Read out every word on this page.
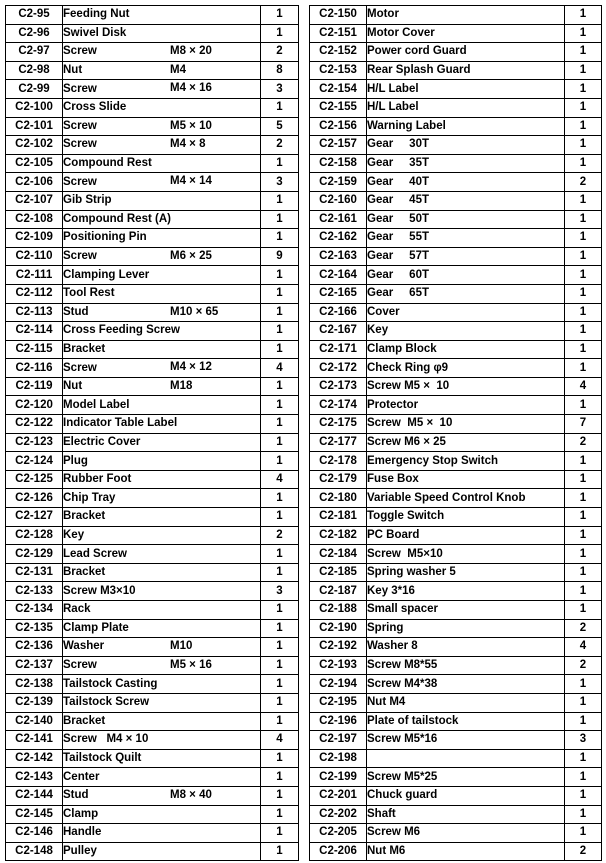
C2-95	Feeding Nut	1
C2-96	Swivel Disk	1
C2-97	Screw M8 × 20	2
C2-98	Nut M4	8
C2-99	Screw M4 × 16	3
C2-100	Cross Slide	1
C2-101	Screw M5 × 10	5
C2-102	Screw M4 × 8	2
C2-105	Compound Rest	1
C2-106	Screw M4 × 14	3
C2-107	Gib Strip	1
C2-108	Compound Rest (A)	1
C2-109	Positioning Pin	1
C2-110	Screw M6 × 25	9
C2-111	Clamping Lever	1
C2-112	Tool Rest	1
C2-113	Stud M10 × 65	1
C2-114	Cross Feeding Screw	1
C2-115	Bracket	1
C2-116	Screw M4 × 12	4
C2-119	Nut M18	1
C2-120	Model Label	1
C2-122	Indicator Table Label	1
C2-123	Electric Cover	1
C2-124	Plug	1
C2-125	Rubber Foot	4
C2-126	Chip Tray	1
C2-127	Bracket	1
C2-128	Key	2
C2-129	Lead Screw	1
C2-131	Bracket	1
C2-133	Screw M3×10	3
C2-134	Rack	1
C2-135	Clamp Plate	1
C2-136	Washer M10	1
C2-137	Screw M5 × 16	1
C2-138	Tailstock Casting	1
C2-139	Tailstock Screw	1
C2-140	Bracket	1
C2-141	Screw   M4 × 10	4
C2-142	Tailstock Quilt	1
C2-143	Center	1
C2-144	Stud M8 × 40	1
C2-145	Clamp	1
C2-146	Handle	1
C2-148	Pulley	1
C2-150	Motor	1
C2-151	Motor Cover	1
C2-152	Power cord Guard	1
C2-153	Rear Splash Guard	1
C2-154	H/L Label	1
C2-155	H/L Label	1
C2-156	Warning Label	1
C2-157	Gear     30T	1
C2-158	Gear     35T	1
C2-159	Gear     40T	2
C2-160	Gear     45T	1
C2-161	Gear     50T	1
C2-162	Gear     55T	1
C2-163	Gear     57T	1
C2-164	Gear     60T	1
C2-165	Gear     65T	1
C2-166	Cover	1
C2-167	Key	1
C2-171	Clamp Block	1
C2-172	Check Ring φ9	1
C2-173	Screw M5 ×  10	4
C2-174	Protector	1
C2-175	Screw  M5 ×  10	7
C2-177	Screw M6 × 25	2
C2-178	Emergency Stop Switch	1
C2-179	Fuse Box	1
C2-180	Variable Speed Control Knob	1
C2-181	Toggle Switch	1
C2-182	PC Board	1
C2-184	Screw  M5×10	1
C2-185	Spring washer 5	1
C2-187	Key 3*16	1
C2-188	Small spacer	1
C2-190	Spring	2
C2-192	Washer 8	4
C2-193	Screw M8*55	2
C2-194	Screw M4*38	1
C2-195	Nut M4	1
C2-196	Plate of tailstock	1
C2-197	Screw M5*16	3
C2-198		1
C2-199	Screw M5*25	1
C2-201	Chuck guard	1
C2-202	Shaft	1
C2-205	Screw M6	1
C2-206	Nut M6	2
